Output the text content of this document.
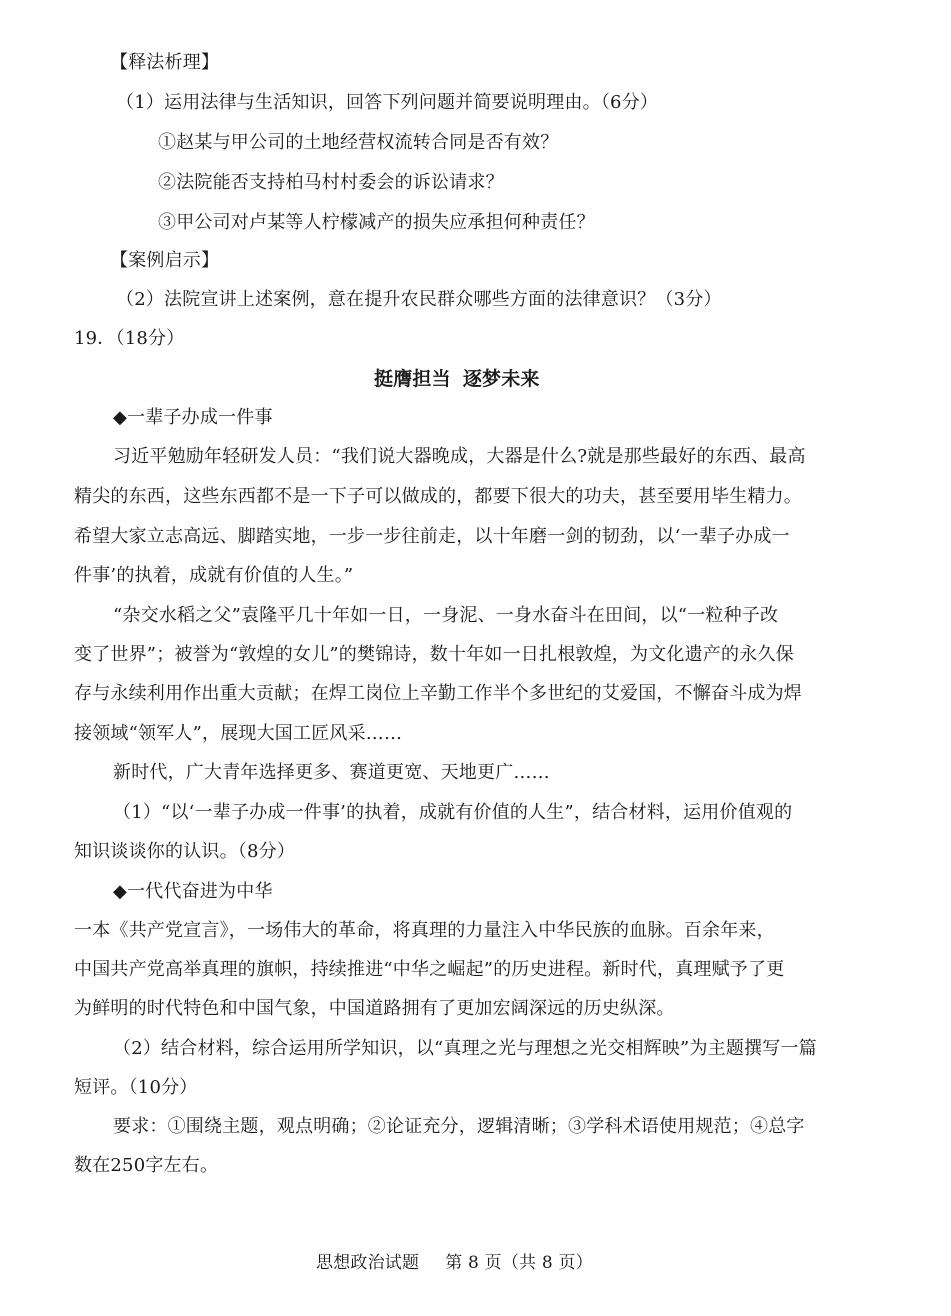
【释法析理】
（1）运用法律与生活知识，回答下列问题并简要说明理由。（6分）
①赵某与甲公司的土地经营权流转合同是否有效？
②法院能否支持柏马村村委会的诉讼请求？
③甲公司对卢某等人柠檬减产的损失应承担何种责任？
【案例启示】
（2）法院宣讲上述案例，意在提升农民群众哪些方面的法律意识？（3分）
19．（18分）
挺膺担当 逐梦未来
◆一辈子办成一件事
习近平勉励年轻研发人员：“我们说大器晚成，大器是什么?就是那些最好的东西、最高
精尖的东西，这些东西都不是一下子可以做成的，都要下很大的功夫，甚至要用毕生精力。
希望大家立志高远、脚踏实地，一步一步往前走，以十年磨一剑的韧劲，以‘一辈子办成一
件事’的执着，成就有价值的人生。”
“杂交水稻之父”袁隆平几十年如一日，一身泥、一身水奋斗在田间，以“一粒种子改
变了世界”；被誉为“敦煌的女儿”的樊锦诗，数十年如一日扎根敦煌，为文化遗产的永久保
存与永续利用作出重大贡献；在焊工岗位上辛勤工作半个多世纪的艾爱国，不懈奋斗成为焊
接领域“领军人”，展现大国工匠风采……
新时代，广大青年选择更多、赛道更宽、天地更广……
（1）“以‘一辈子办成一件事’的执着，成就有价值的人生”，结合材料，运用价值观的
知识谈谈你的认识。（8分）
◆一代代奋进为中华
一本《共产党宣言》，一场伟大的革命，将真理的力量注入中华民族的血脉。百余年来，
中国共产党高举真理的旗帜，持续推进“中华之崛起”的历史进程。新时代，真理赋予了更
为鲜明的时代特色和中国气象，中国道路拥有了更加宏阔深远的历史纵深。
（2）结合材料，综合运用所学知识，以“真理之光与理想之光交相辉映”为主题撰写一篇
短评。（10分）
要求：①围绕主题，观点明确；②论证充分，逻辑清晰；③学科术语使用规范；④总字
数在250字左右。
思想政治试题 第 8 页（共 8 页）
